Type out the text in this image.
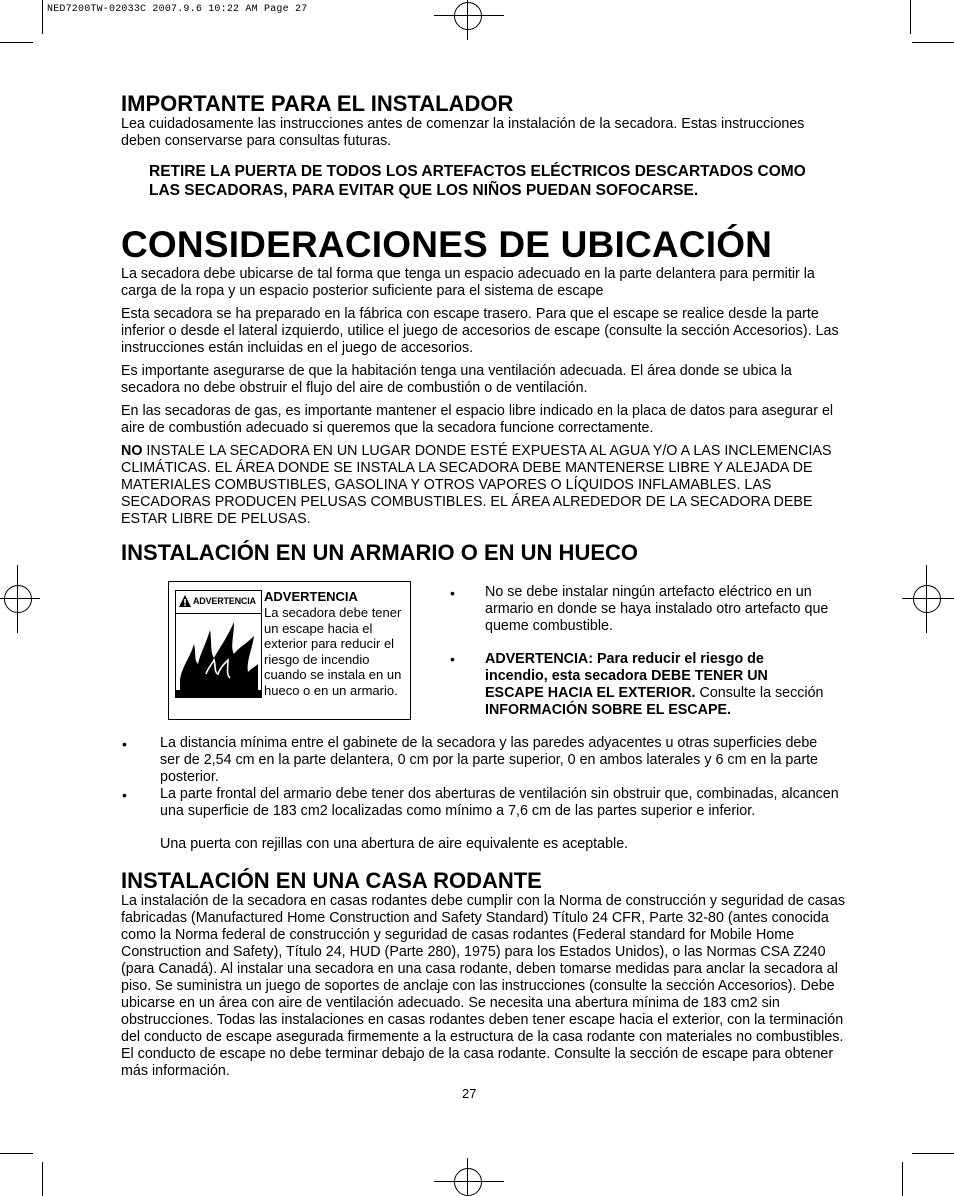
NED7200TW-02033C 2007.9.6 10:22 AM Page 27
IMPORTANTE PARA EL INSTALADOR

Lea cuidadosamente las instrucciones antes de comenzar la instalación de la secadora. Estas instrucciones deben conservarse para consultas futuras.

RETIRE LA PUERTA DE TODOS LOS ARTEFACTOS ELÉCTRICOS DESCARTADOS COMO LAS SECADORAS, PARA EVITAR QUE LOS NIÑOS PUEDAN SOFOCARSE.
CONSIDERACIONES DE UBICACIÓN

La secadora debe ubicarse de tal forma que tenga un espacio adecuado en la parte delantera para permitir la carga de la ropa y un espacio posterior suficiente para el sistema de escape

Esta secadora se ha preparado en la fábrica con escape trasero. Para que el escape se realice desde la parte inferior o desde el lateral izquierdo, utilice el juego de accesorios de escape (consulte la sección Accesorios). Las instrucciones están incluidas en el juego de accesorios.

Es importante asegurarse de que la habitación tenga una ventilación adecuada. El área donde se ubica la secadora no debe obstruir el flujo del aire de combustión o de ventilación.

En las secadoras de gas, es importante mantener el espacio libre indicado en la placa de datos para asegurar el aire de combustión adecuado si queremos que la secadora funcione correctamente.

NO INSTALE LA SECADORA EN UN LUGAR DONDE ESTÉ EXPUESTA AL AGUA Y/O A LAS INCLEMENCIAS CLIMÁTICAS. EL ÁREA DONDE SE INSTALA LA SECADORA DEBE MANTENERSE LIBRE Y ALEJADA DE MATERIALES COMBUSTIBLES, GASOLINA Y OTROS VAPORES O LÍQUIDOS INFLAMABLES. LAS SECADORAS PRODUCEN PELUSAS COMBUSTIBLES. EL ÁREA ALREDEDOR DE LA SECADORA DEBE ESTAR LIBRE DE PELUSAS.

INSTALACIÓN EN UN ARMARIO O EN UN HUECO
ADVERTENCIA ADVERTENCIA
La secadora debe tener un escape hacia el exterior para reducir el riesgo de incendio cuando se instala en un hueco o en un armario.
• No se debe instalar ningún artefacto eléctrico en un armario en donde se haya instalado otro artefacto que queme combustible.
• ADVERTENCIA: Para reducir el riesgo de incendio, esta secadora DEBE TENER UN ESCAPE HACIA EL EXTERIOR. Consulte la sección INFORMACIÓN SOBRE EL ESCAPE.
• La distancia mínima entre el gabinete de la secadora y las paredes adyacentes u otras superficies debe ser de 2,54 cm en la parte delantera, 0 cm por la parte superior, 0 en ambos laterales y 6 cm en la parte posterior.
• La parte frontal del armario debe tener dos aberturas de ventilación sin obstruir que, combinadas, alcancen una superficie de 183 cm2 localizadas como mínimo a 7,6 cm de las partes superior e inferior.
Una puerta con rejillas con una abertura de aire equivalente es aceptable.
INSTALACIÓN EN UNA CASA RODANTE

La instalación de la secadora en casas rodantes debe cumplir con la Norma de construcción y seguridad de casas fabricadas (Manufactured Home Construction and Safety Standard) Título 24 CFR, Parte 32-80 (antes conocida como la Norma federal de construcción y seguridad de casas rodantes (Federal standard for Mobile Home Construction and Safety), Título 24, HUD (Parte 280), 1975) para los Estados Unidos), o las Normas CSA Z240 (para Canadá). Al instalar una secadora en una casa rodante, deben tomarse medidas para anclar la secadora al piso. Se suministra un juego de soportes de anclaje con las instrucciones (consulte la sección Accesorios). Debe ubicarse en un área con aire de ventilación adecuado. Se necesita una abertura mínima de 183 cm2 sin obstrucciones. Todas las instalaciones en casas rodantes deben tener escape hacia el exterior, con la terminación del conducto de escape asegurada firmemente a la estructura de la casa rodante con materiales no combustibles. El conducto de escape no debe terminar debajo de la casa rodante. Consulte la sección de escape para obtener más información.

27
